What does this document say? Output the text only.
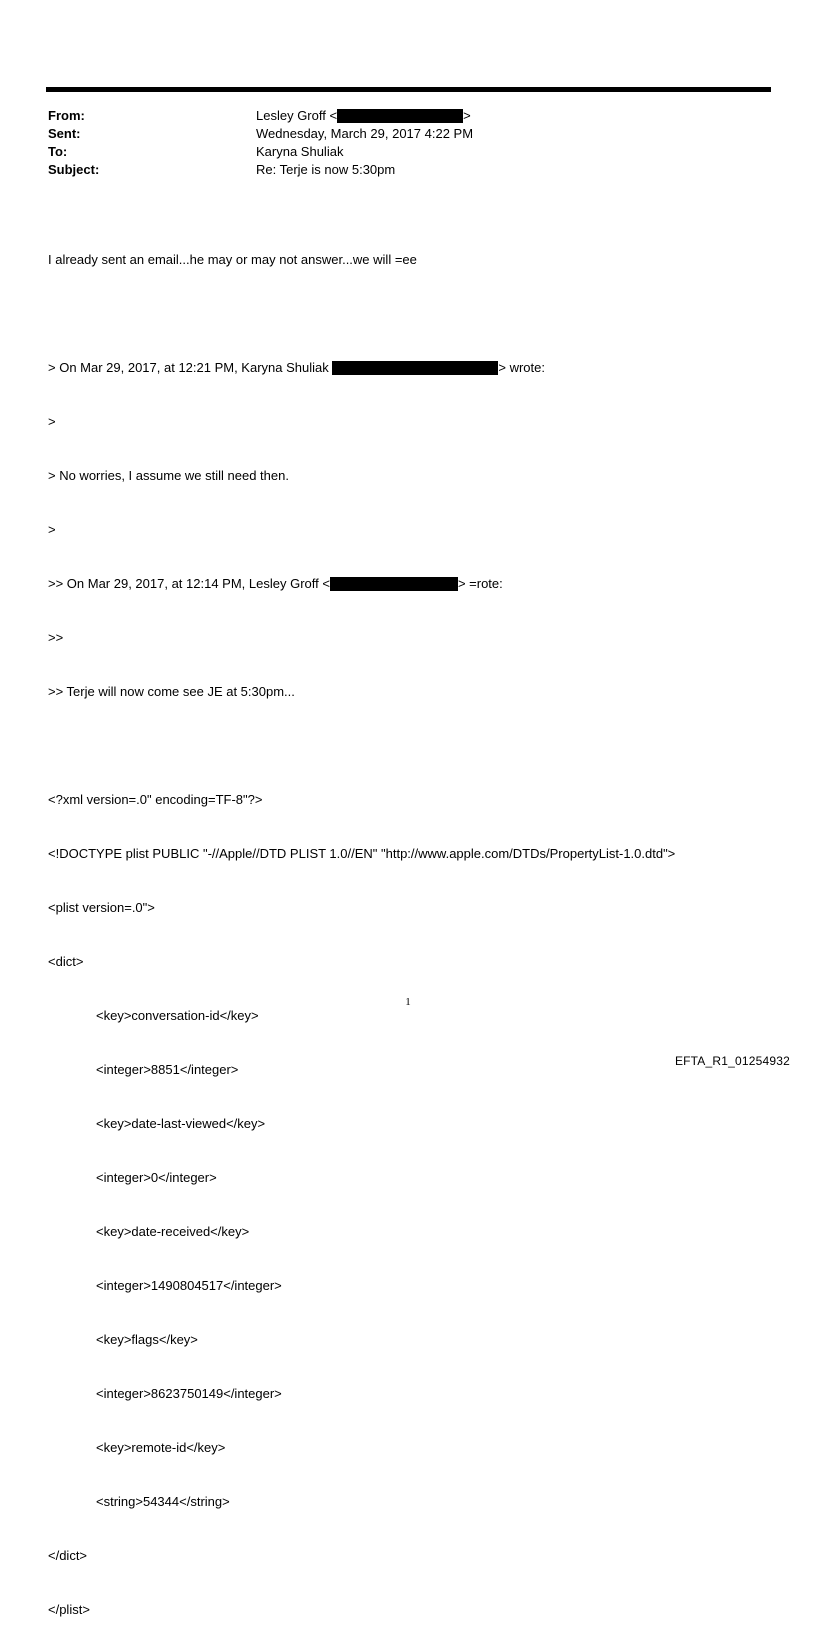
From:	Lesley Groff <	>
Sent:	Wednesday, March 29, 2017 4:22 PM
To:	Karyna Shuliak
Subject:	Re: Terje is now 5:30pm

I already sent an email...he may or may not answer...we will =ee

> On Mar 29, 2017, at 12:21 PM, Karyna Shuliak	> wrote:

>

> No worries, I assume we still need then.

>

>> On Mar 29, 2017, at 12:14 PM, Lesley Groff <	> =rote:

>>

>> Terje will now come see JE at 5:30pm...

<?xml version=.0" encoding=TF-8"?>

<!DOCTYPE plist PUBLIC "-//Apple//DTD PLIST 1.0//EN" "http://www.apple.com/DTDs/PropertyList-1.0.dtd">

<plist version=.0">

<dict>

<key>conversation-id</key>

<integer>8851</integer>

<key>date-last-viewed</key>

<integer>0</integer>

<key>date-received</key>

<integer>1490804517</integer>

<key>flags</key>

<integer>8623750149</integer>

<key>remote-id</key>

<string>54344</string>

</dict>

</plist>

1
EFTA_R1_01254932
